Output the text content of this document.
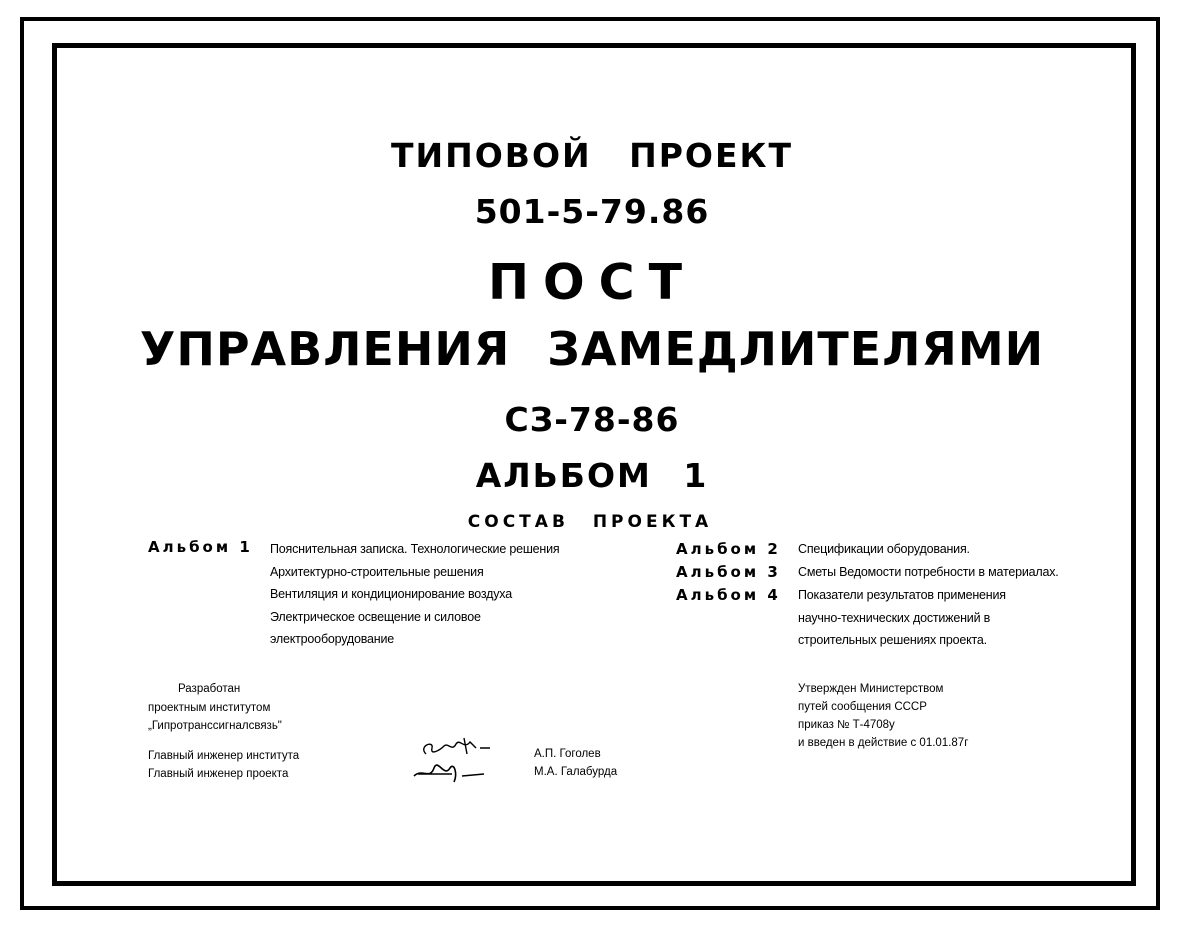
ТИПОВОЙ ПРОЕКТ
501-5-79.86
ПОСТ
УПРАВЛЕНИЯ ЗАМЕДЛИТЕЛЯМИ
СЗ-78-86
АЛЬБОМ 1
СОСТАВ ПРОЕКТА
Альбом 1 Пояснительная записка. Технологические решения
Архитектурно-строительные решения
Вентиляция и кондиционирование воздуха
Электрическое освещение и силовое
электрооборудование
Альбом 2 Спецификации оборудования.
Альбом 3 Сметы Ведомости потребности в материалах.
Альбом 4 Показатели результатов применения
научно-технических достижений в
строительных решениях проекта.
Разработан
проектным институтом
„Гипротранссигналсвязь"
Главный инженер института
Главный инженер проекта
А.П. Гоголев
М.А. Галабурда
Утвержден Министерством
путей сообщения СССР
приказ № Т-4708у
и введен в действие с 01.01.87г
